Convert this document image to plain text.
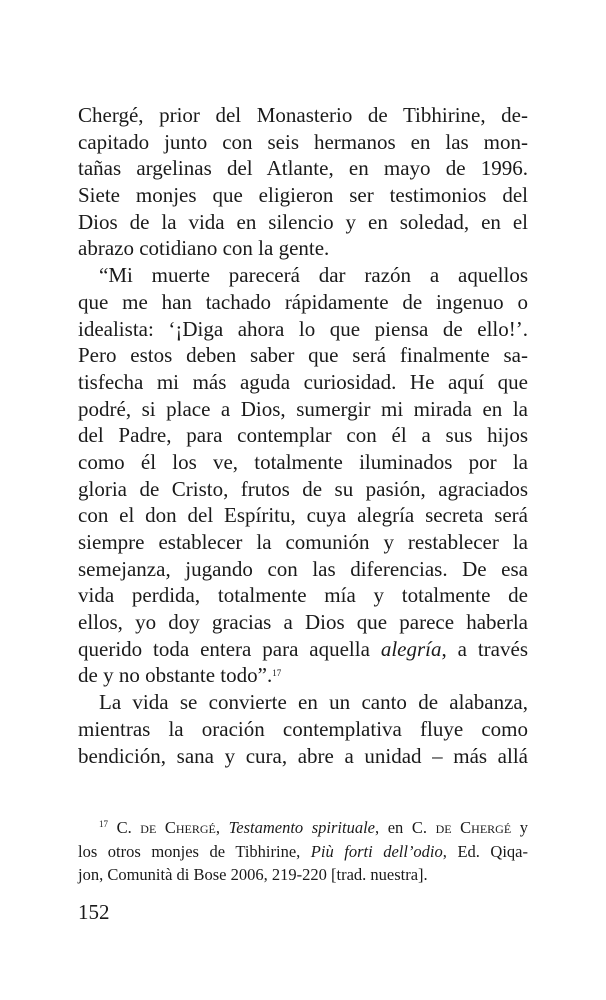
Chergé, prior del Monasterio de Tibhirine, de-
capitado junto con seis hermanos en las mon-
tañas argelinas del Atlante, en mayo de 1996.
Siete monjes que eligieron ser testimonios del
Dios de la vida en silencio y en soledad, en el
abrazo cotidiano con la gente.
“Mi muerte parecerá dar razón a aquellos
que me han tachado rápidamente de ingenuo o
idealista: ‘¡Diga ahora lo que piensa de ello!’.
Pero estos deben saber que será finalmente sa-
tisfecha mi más aguda curiosidad. He aquí que
podré, si place a Dios, sumergir mi mirada en la
del Padre, para contemplar con él a sus hijos
como él los ve, totalmente iluminados por la
gloria de Cristo, frutos de su pasión, agraciados
con el don del Espíritu, cuya alegría secreta será
siempre establecer la comunión y restablecer la
semejanza, jugando con las diferencias. De esa
vida perdida, totalmente mía y totalmente de
ellos, yo doy gracias a Dios que parece haberla
querido toda entera para aquella alegría, a través
de y no obstante todo”.$^{17}$
La vida se convierte en un canto de alabanza,
mientras la oración contemplativa fluye como
bendición, sana y cura, abre a unidad – más allá
$^{17}$ C. de Chergé, Testamento spirituale, en C. de Chergé y
los otros monjes de Tibhirine, Più forti dell’odio, Ed. Qiqa-
jon, Comunità di Bose 2006, 219-220 [trad. nuestra].
152
